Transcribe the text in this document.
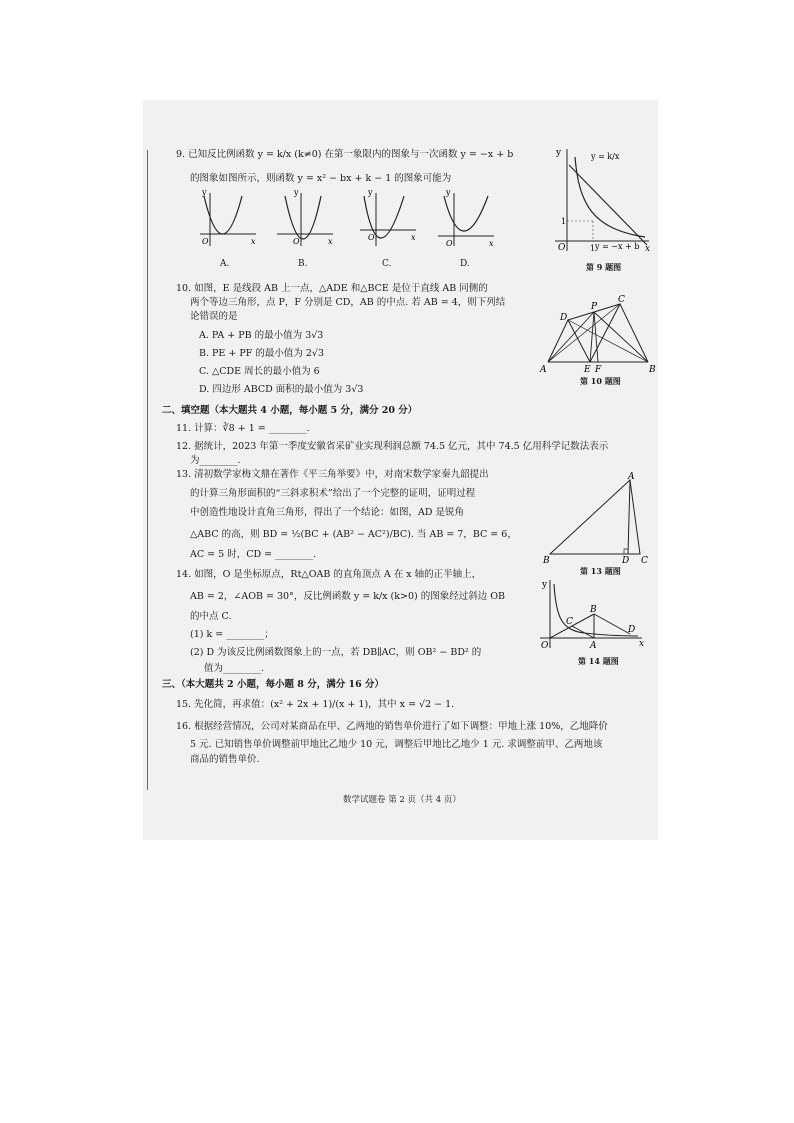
9. 已知反比例函数 y = k/x (k≠0) 在第一象限内的图象与一次函数 y = −x + b
的图象如图所示，则函数 y = x² − bx + k − 1 的图象可能为
y
x
O
A.
y
x
O
B.
y
x
O
C.
y
x
O
D.
y
x
O
1
1
y = k/x
y = −x + b
第 9 题图
10. 如图，E 是线段 AB 上一点，△ADE 和△BCE 是位于直线 AB 同侧的
两个等边三角形，点 P，F 分别是 CD，AB 的中点. 若 AB = 4，则下列结
论错误的是
A. PA + PB 的最小值为 3√3
B. PE + PF 的最小值为 2√3
C. △CDE 周长的最小值为 6
D. 四边形 ABCD 面积的最小值为 3√3
A	B
C
D
E F
P
第 10 题图
二、填空题（本大题共 4 小题，每小题 5 分，满分 20 分）
11. 计算：∛8 + 1 = ________.
12. 据统计，2023 年第一季度安徽省采矿业实现利润总额 74.5 亿元，其中 74.5 亿用科学记数法表示
为________.
13. 清初数学家梅文鼎在著作《平三角举要》中，对南宋数学家秦九韶提出
的计算三角形面积的“三斜求积术”给出了一个完整的证明，证明过程
中创造性地设计直角三角形，得出了一个结论：如图，AD 是锐角
△ABC 的高，则 BD = ½(BC + (AB² − AC²)/BC). 当 AB = 7，BC = 6，
AC = 5 时，CD = ________.
B	C
D
A
第 13 题图
14. 如图，O 是坐标原点，Rt△OAB 的直角顶点 A 在 x 轴的正半轴上，
AB = 2，∠AOB = 30°，反比例函数 y = k/x (k>0) 的图象经过斜边 OB
的中点 C.
(1) k = ________；
(2) D 为该反比例函数图象上的一点，若 DB∥AC，则 OB² − BD² 的
值为________.
y
x
O	A
B
C
D
第 14 题图
三、（本大题共 2 小题，每小题 8 分，满分 16 分）
15. 先化简，再求值：(x² + 2x + 1)/(x + 1)，其中 x = √2 − 1.
16. 根据经营情况，公司对某商品在甲、乙两地的销售单价进行了如下调整：甲地上涨 10%，乙地降价
5 元. 已知销售单价调整前甲地比乙地少 10 元，调整后甲地比乙地少 1 元. 求调整前甲、乙两地该
商品的销售单价.
数学试题卷 第 2 页（共 4 页）
